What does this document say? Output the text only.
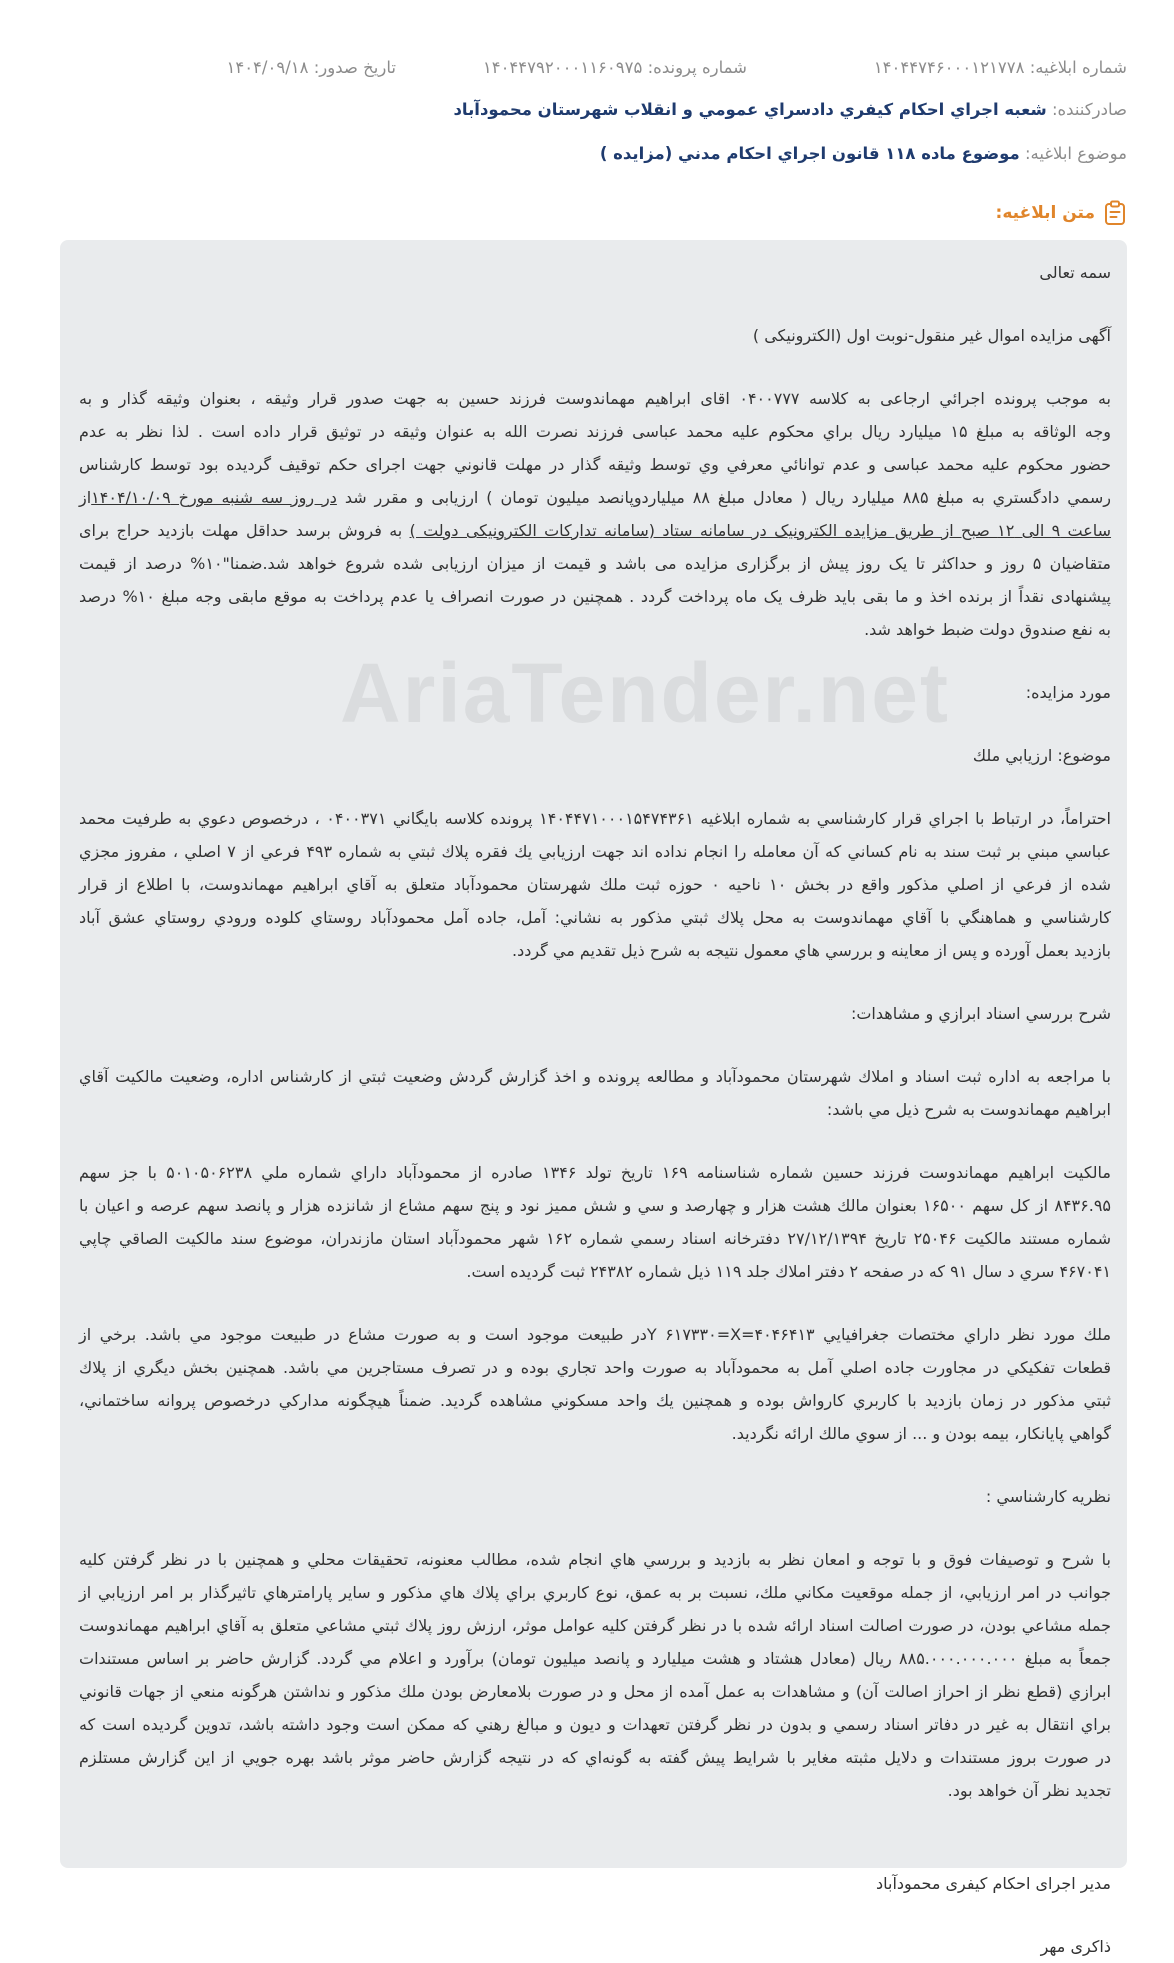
شماره ابلاغيه: ۱۴۰۴۴۷۴۶۰۰۰۱۲۱۷۷۸
شماره پرونده: ۱۴۰۴۴۷۹۲۰۰۰۱۱۶۰۹۷۵
تاريخ صدور: ۱۴۰۴/۰۹/۱۸
صادرکننده: شعبه اجراي احكام كيفري دادسراي عمومي و انقلاب شهرستان محمودآباد
موضوع ابلاغیه: موضوع ماده ۱۱۸ قانون اجراي احكام مدني (مزايده )
متن ابلاغیه:
AriaTender.net

سمه تعالی

آگهی مزایده اموال غیر منقول-نوبت اول (الکترونیکی )

به موجب پرونده اجرائي ارجاعی به کلاسه ۰۴۰۰۷۷۷ اقای ابراهیم مهماندوست فرزند حسین به جهت صدور قرار وثیقه ، بعنوان وثیقه گذار و به
وجه الوثاقه به مبلغ ۱۵ میلیارد ریال براي محکوم علیه محمد عباسی فرزند نصرت الله به عنوان وثیقه در توثیق قرار داده است . لذا نظر به عدم
حضور محکوم علیه محمد عباسی و عدم توانائي معرفي وي توسط وثیقه گذار در مهلت قانوني جهت اجرای حکم توقيف گرديده بود توسط کارشناس
رسمي دادگستري به مبلغ ۸۸۵ میلیارد ریال ( معادل مبلغ ۸۸ میلیاردوپانصد میلیون تومان ) ارزیابی و مقرر شد در روز سه شنبه مورخ ۱۴۰۴/۱۰/۰۹از
ساعت ۹ الی ۱۲ صبح از طريق مزایده الکترونیک در سامانه ستاد (سامانه تدارکات الکترونیکی دولت ) به فروش برسد حداقل مهلت بازديد حراج برای
متقاضیان ۵ روز و حداکثر تا یک روز پیش از برگزاری مزایده می باشد و قیمت از میزان ارزیابی شده شروع خواهد شد.ضمنا"۱۰% درصد از قیمت
پیشنهادی نقداً از برنده اخذ و ما بقی باید ظرف یک ماه پرداخت گردد . همچنین در صورت انصراف یا عدم پرداخت به موقع مابقی وجه مبلغ ۱۰% درصد
به نفع صندوق دولت ضبط خواهد شد.

مورد مزایده:

موضوع: ارزيابي ملك

احتراماً، در ارتباط با اجراي قرار كارشناسي به شماره ابلاغيه ۱۴۰۴۴۷۱۰۰۰۱۵۴۷۴۳۶۱ پرونده كلاسه بايگاني ۰۴۰۰۳۷۱ ، درخصوص دعوي به طرفيت محمد
عباسي مبني بر ثبت سند به نام كساني كه آن معامله را انجام نداده اند جهت ارزيابي يك فقره پلاك ثبتي به شماره ۴۹۳ فرعي از ۷ اصلي ، مفروز مجزي
شده از فرعي از اصلي مذكور واقع در بخش ۱۰ ناحيه ۰ حوزه ثبت ملك شهرستان محمودآباد متعلق به آقاي ابراهيم مهماندوست، با اطلاع از قرار
كارشناسي و هماهنگي با آقاي مهماندوست به محل پلاك ثبتي مذكور به نشاني: آمل، جاده آمل محمودآباد روستاي كلوده ورودي روستاي عشق آباد
بازديد بعمل آورده و پس از معاينه و بررسي هاي معمول نتيجه به شرح ذيل تقديم مي گردد.

شرح بررسي اسناد ابرازي و مشاهدات:

با مراجعه به اداره ثبت اسناد و املاك شهرستان محمودآباد و مطالعه پرونده و اخذ گزارش گردش وضعيت ثبتي از كارشناس اداره، وضعيت مالكيت آقاي
ابراهيم مهماندوست به شرح ذيل مي باشد:

مالكيت ابراهيم مهماندوست فرزند حسين شماره شناسنامه ۱۶۹ تاريخ تولد ۱۳۴۶ صادره از محمودآباد داراي شماره ملي ۵۰۱۰۵۰۶۲۳۸ با جز سهم
۸۴۳۶.۹۵ از كل سهم ۱۶۵۰۰ بعنوان مالك هشت هزار و چهارصد و سي و شش مميز نود و پنج سهم مشاع از شانزده هزار و پانصد سهم عرصه و اعيان با
شماره مستند مالكيت ۲۵۰۴۶ تاريخ ۲۷/۱۲/۱۳۹۴ دفترخانه اسناد رسمي شماره ۱۶۲ شهر محمودآباد استان مازندران، موضوع سند مالكيت الصاقي چاپي
۴۶۷۰۴۱ سري د سال ۹۱ كه در صفحه ۲ دفتر املاك جلد ۱۱۹ ذيل شماره ۲۴۳۸۲ ثبت گرديده است.

ملك مورد نظر داراي مختصات جغرافيايي ۴۰۴۶۴۱۳=Y ۶۱۷۳۳۰=Xدر طبيعت موجود است و به صورت مشاع در طبيعت موجود مي باشد. برخي از
قطعات تفكيكي در مجاورت جاده اصلي آمل به محمودآباد به صورت واحد تجاري بوده و در تصرف مستاجرين مي باشد. همچنين بخش ديگري از پلاك
ثبتي مذكور در زمان بازديد با كاربري كارواش بوده و همچنين يك واحد مسكوني مشاهده گرديد. ضمناً هيچگونه مداركي درخصوص پروانه ساختماني،
گواهي پايانكار، بيمه بودن و ... از سوي مالك ارائه نگرديد.

نظريه كارشناسي :

با شرح و توصيفات فوق و با توجه و امعان نظر به بازديد و بررسي هاي انجام شده، مطالب معنونه، تحقيقات محلي و همچنين با در نظر گرفتن كليه
جوانب در امر ارزيابي، از جمله موقعيت مكاني ملك، نسبت بر به عمق، نوع كاربري براي پلاك هاي مذكور و ساير پارامترهاي تاثيرگذار بر امر ارزيابي از
جمله مشاعي بودن، در صورت اصالت اسناد ارائه شده با در نظر گرفتن كليه عوامل موثر، ارزش روز پلاك ثبتي مشاعي متعلق به آقاي ابراهيم مهماندوست
جمعاً به مبلغ ۸۸۵.۰۰۰.۰۰۰.۰۰۰ ريال (معادل هشتاد و هشت ميليارد و پانصد ميليون تومان) برآورد و اعلام مي گردد. گزارش حاضر بر اساس مستندات
ابرازي (قطع نظر از احراز اصالت آن) و مشاهدات به عمل آمده از محل و در صورت بلامعارض بودن ملك مذكور و نداشتن هرگونه منعي از جهات قانوني
براي انتقال به غير در دفاتر اسناد رسمي و بدون در نظر گرفتن تعهدات و ديون و مبالغ رهني كه ممكن است وجود داشته باشد، تدوين گرديده است كه
در صورت بروز مستندات و دلايل مثبته مغاير با شرايط پيش گفته به گونه‌اي كه در نتيجه گزارش حاضر موثر باشد بهره جويي از اين گزارش مستلزم
تجديد نظر آن خواهد بود.

مدیر اجرای احکام کیفری محمودآباد

ذاکری مهر
